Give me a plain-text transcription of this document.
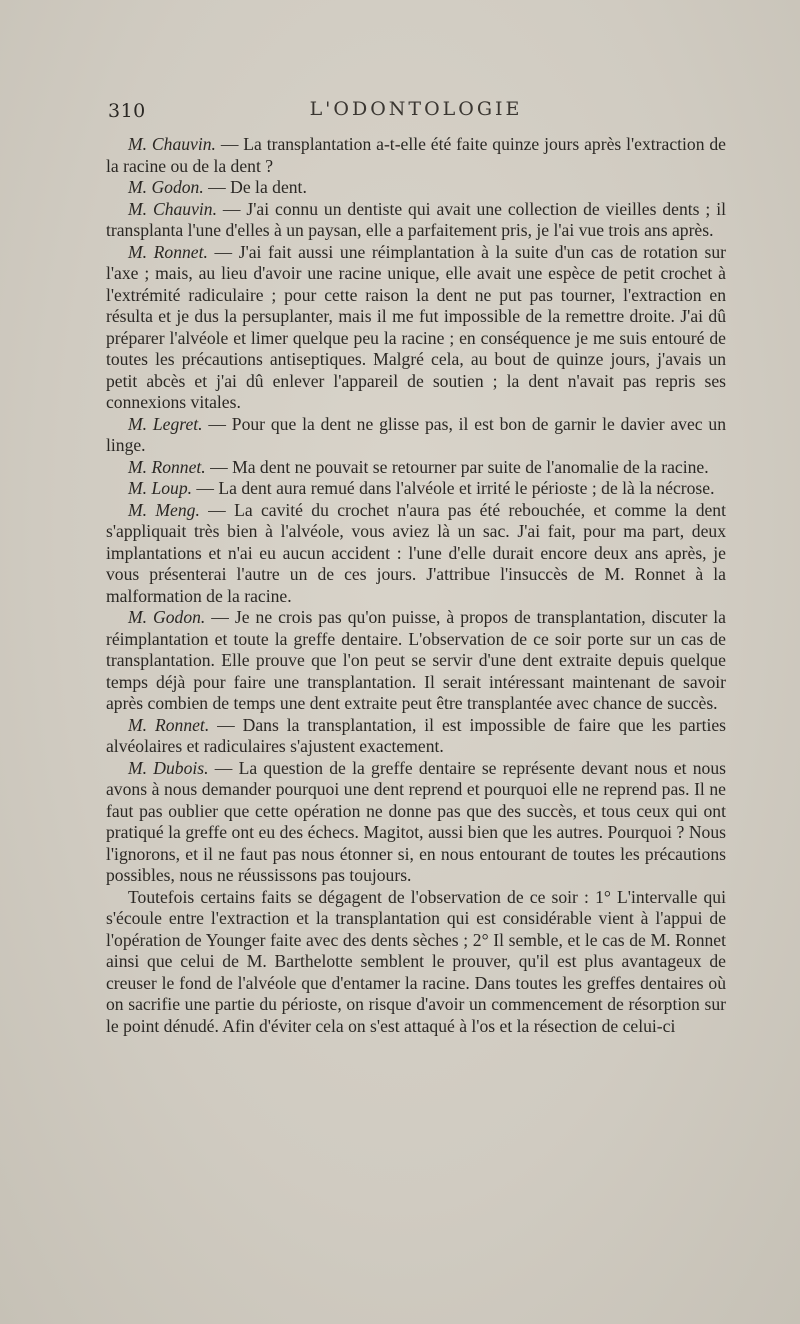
310	L'ODONTOLOGIE

M. Chauvin. — La transplantation a-t-elle été faite quinze jours après l'extraction de la racine ou de la dent ?

M. Godon. — De la dent.

M. Chauvin. — J'ai connu un dentiste qui avait une collection de vieilles dents ; il transplanta l'une d'elles à un paysan, elle a parfaitement pris, je l'ai vue trois ans après.

M. Ronnet. — J'ai fait aussi une réimplantation à la suite d'un cas de rotation sur l'axe ; mais, au lieu d'avoir une racine unique, elle avait une espèce de petit crochet à l'extrémité radiculaire ; pour cette raison la dent ne put pas tourner, l'extraction en résulta et je dus la persuplanter, mais il me fut impossible de la remettre droite. J'ai dû préparer l'alvéole et limer quelque peu la racine ; en conséquence je me suis entouré de toutes les précautions antiseptiques. Malgré cela, au bout de quinze jours, j'avais un petit abcès et j'ai dû enlever l'appareil de soutien ; la dent n'avait pas repris ses connexions vitales.

M. Legret. — Pour que la dent ne glisse pas, il est bon de garnir le davier avec un linge.

M. Ronnet. — Ma dent ne pouvait se retourner par suite de l'anomalie de la racine.

M. Loup. — La dent aura remué dans l'alvéole et irrité le périoste ; de là la nécrose.

M. Meng. — La cavité du crochet n'aura pas été rebouchée, et comme la dent s'appliquait très bien à l'alvéole, vous aviez là un sac. J'ai fait, pour ma part, deux implantations et n'ai eu aucun accident : l'une d'elle durait encore deux ans après, je vous présenterai l'autre un de ces jours. J'attribue l'insuccès de M. Ronnet à la malformation de la racine.

M. Godon. — Je ne crois pas qu'on puisse, à propos de transplantation, discuter la réimplantation et toute la greffe dentaire. L'observation de ce soir porte sur un cas de transplantation. Elle prouve que l'on peut se servir d'une dent extraite depuis quelque temps déjà pour faire une transplantation. Il serait intéressant maintenant de savoir après combien de temps une dent extraite peut être transplantée avec chance de succès.

M. Ronnet. — Dans la transplantation, il est impossible de faire que les parties alvéolaires et radiculaires s'ajustent exactement.

M. Dubois. — La question de la greffe dentaire se représente devant nous et nous avons à nous demander pourquoi une dent reprend et pourquoi elle ne reprend pas. Il ne faut pas oublier que cette opération ne donne pas que des succès, et tous ceux qui ont pratiqué la greffe ont eu des échecs. Magitot, aussi bien que les autres. Pourquoi ? Nous l'ignorons, et il ne faut pas nous étonner si, en nous entourant de toutes les précautions possibles, nous ne réussissons pas toujours.

Toutefois certains faits se dégagent de l'observation de ce soir : 1° L'intervalle qui s'écoule entre l'extraction et la transplantation qui est considérable vient à l'appui de l'opération de Younger faite avec des dents sèches ; 2° Il semble, et le cas de M. Ronnet ainsi que celui de M. Barthelotte semblent le prouver, qu'il est plus avantageux de creuser le fond de l'alvéole que d'entamer la racine. Dans toutes les greffes dentaires où on sacrifie une partie du périoste, on risque d'avoir un commencement de résorption sur le point dénudé. Afin d'éviter cela on s'est attaqué à l'os et la résection de celui-ci
